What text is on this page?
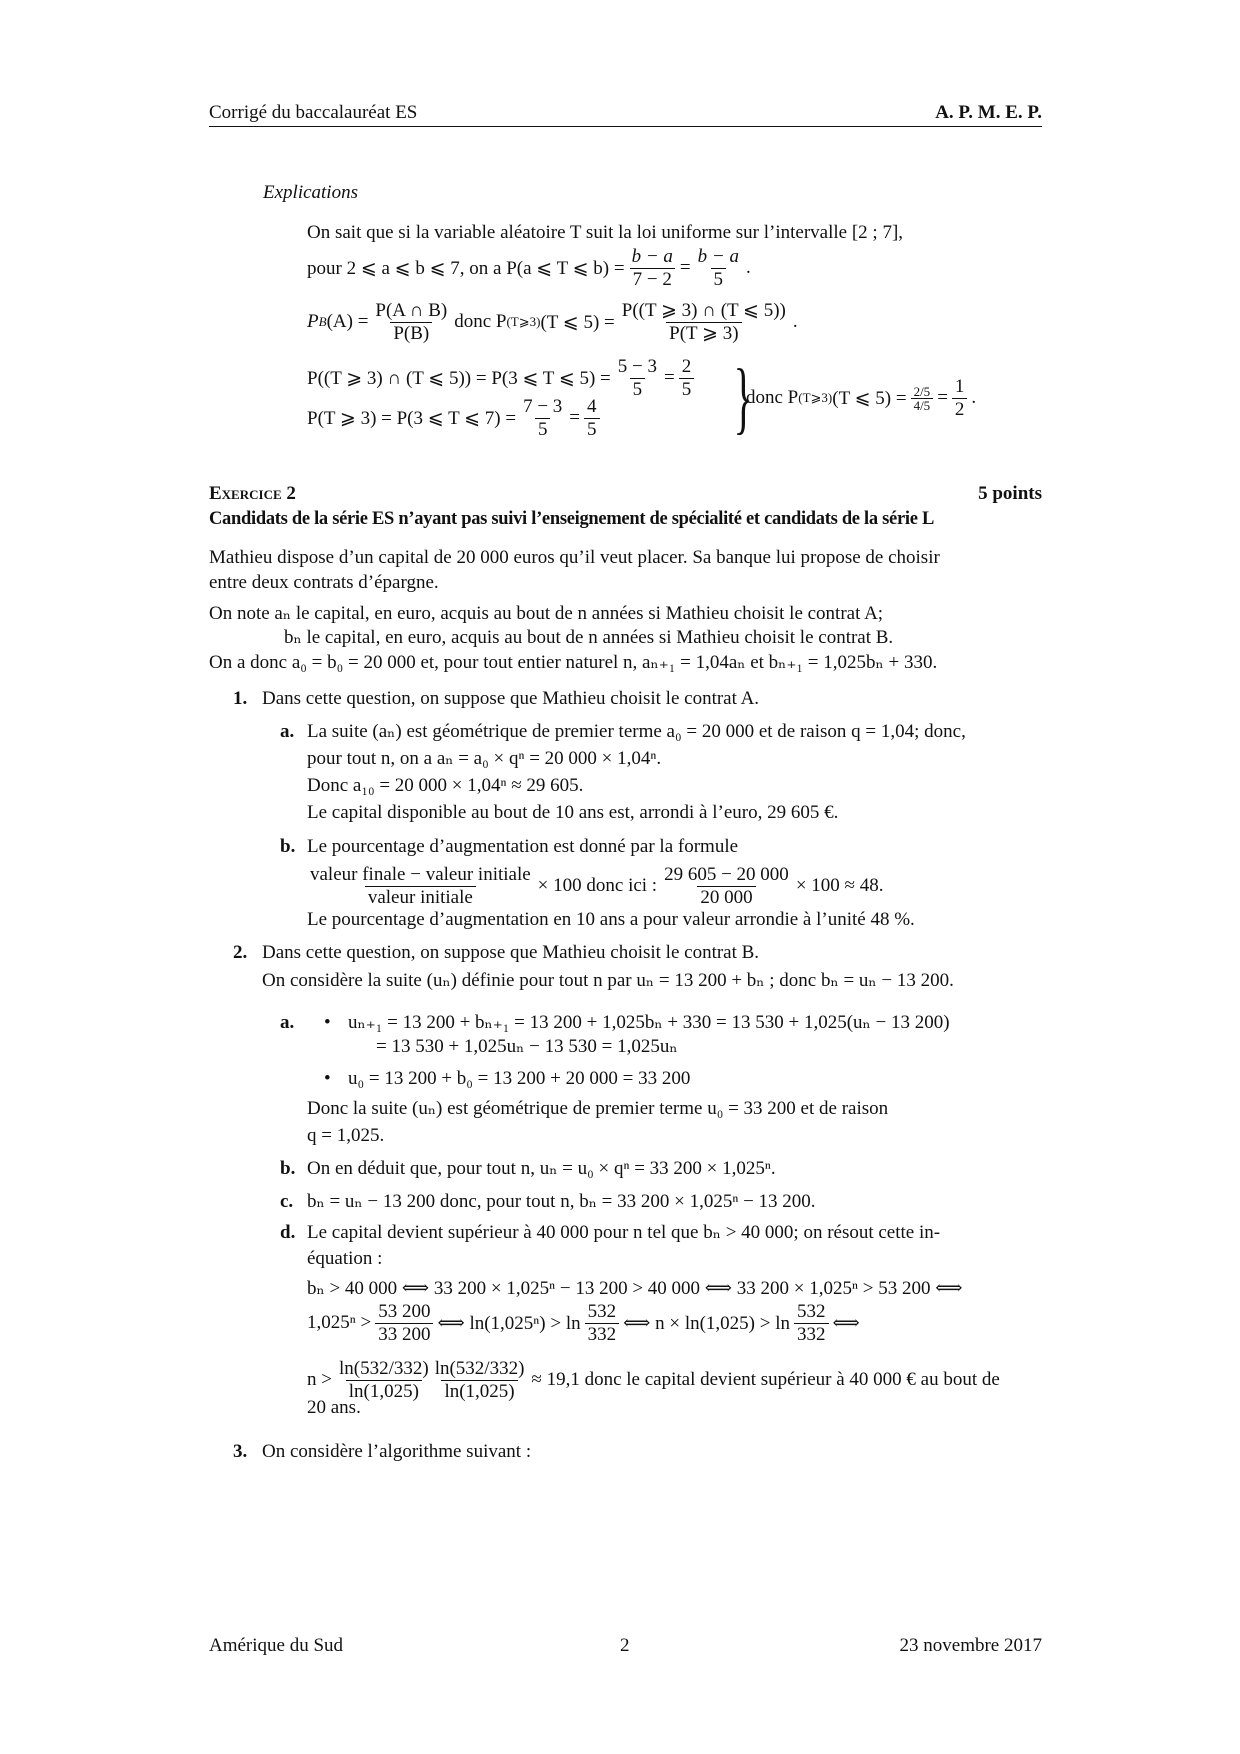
Corrigé du baccalauréat ES	A. P. M. E. P.
Explications
On sait que si la variable aléatoire T suit la loi uniforme sur l’intervalle [2 ; 7],
pour 2 ⩽ a ⩽ b ⩽ 7, on a P(a ⩽ T ⩽ $b) = \frac{b - a}{7 - 2} = \frac{b - a}{5}$ .
P B $(A) = \frac{P(A \cap B)}{P(B)}$ donc P (T⩾3) (T ⩽ $5) = \frac{P((T ⩾ 3) \cap (T ⩽ 5))}{P(T ⩾ 3)}$ .
P((T ⩾ 3) ∩ (T ⩽ 5)) = P(3 ⩽ T ⩽ $5) = \frac{5 - 3}{5} = \frac{2}{5}$
P(T ⩾ 3) = P(3 ⩽ T ⩽ $7) = \frac{7 - 3}{5} = \frac{4}{5}$ }
donc P (T⩾3) (T ⩽ $5) = \frac{2/5}{4/5} = \frac{1}{2}$ .
Exercice 2	5 points
Candidats de la série ES n’ayant pas suivi l’enseignement de spécialité et candidats de la série L
Mathieu dispose d’un capital de 20 000 euros qu’il veut placer. Sa banque lui propose de choisir
entre deux contrats d’épargne.
On note aₙ le capital, en euro, acquis au bout de n années si Mathieu choisit le contrat A;
bₙ le capital, en euro, acquis au bout de n années si Mathieu choisit le contrat B.
On a donc a₀ = b₀ = 20 000 et, pour tout entier naturel n, aₙ₊₁ = 1,04aₙ et bₙ₊₁ = 1,025bₙ + 330.
1. Dans cette question, on suppose que Mathieu choisit le contrat A.
a. La suite (aₙ) est géométrique de premier terme a₀ = 20 000 et de raison q = 1,04; donc,
pour tout n, on a aₙ = a₀ × qⁿ = 20 000 × 1,04ⁿ.
Donc a₁₀ = 20 000 × 1,04ⁿ ≈ 29 605.
Le capital disponible au bout de 10 ans est, arrondi à l’euro, 29 605 €.
b. Le pourcentage d’augmentation est donné par la formule
$\frac{\text{valeur finale − valeur initiale}}{\text{valeur initiale}} \times 100$ donc ici : $\frac{29 605 - 20 000}{20 000} \times 100 \approx 48$.
Le pourcentage d’augmentation en 10 ans a pour valeur arrondie à l’unité 48 %.
2. Dans cette question, on suppose que Mathieu choisit le contrat B.
On considère la suite (uₙ) définie pour tout n par uₙ = 13 200 + bₙ ; donc bₙ = uₙ − 13 200.
a. • uₙ₊₁ = 13 200 + bₙ₊₁ = 13 200 + 1,025bₙ + 330 = 13 530 + 1,025(uₙ − 13 200)
= 13 530 + 1,025uₙ − 13 530 = 1,025uₙ
• u₀ = 13 200 + b₀ = 13 200 + 20 000 = 33 200
Donc la suite (uₙ) est géométrique de premier terme u₀ = 33 200 et de raison
q = 1,025.
b. On en déduit que, pour tout n, uₙ = u₀ × qⁿ = 33 200 × 1,025ⁿ.
c. bₙ = uₙ − 13 200 donc, pour tout n, bₙ = 33 200 × 1,025ⁿ − 13 200.
d. Le capital devient supérieur à 40 000 pour n tel que bₙ > 40 000; on résout cette in-
équation :
bₙ > 40 000 ⟺ 33 200 × 1,025ⁿ − 13 200 > 40 000 ⟺ 33 200 × 1,025ⁿ > 53 200 ⟺
$1,025^n > \frac{53 200}{33 200}$ ⟺ $\ln(1,025^n) > \ln \frac{532}{332}$ ⟺ $n \times \ln(1,025) > \ln \frac{532}{332}$ ⟺
$n > \frac{\ln(532/332)}{\ln(1,025)} \frac{\ln(532/332)}{\ln(1,025)} \approx 19,1$ donc le capital devient supérieur à 40 000 € au bout de
20 ans.
3. On considère l’algorithme suivant :
Amérique du Sud	2	23 novembre 2017
